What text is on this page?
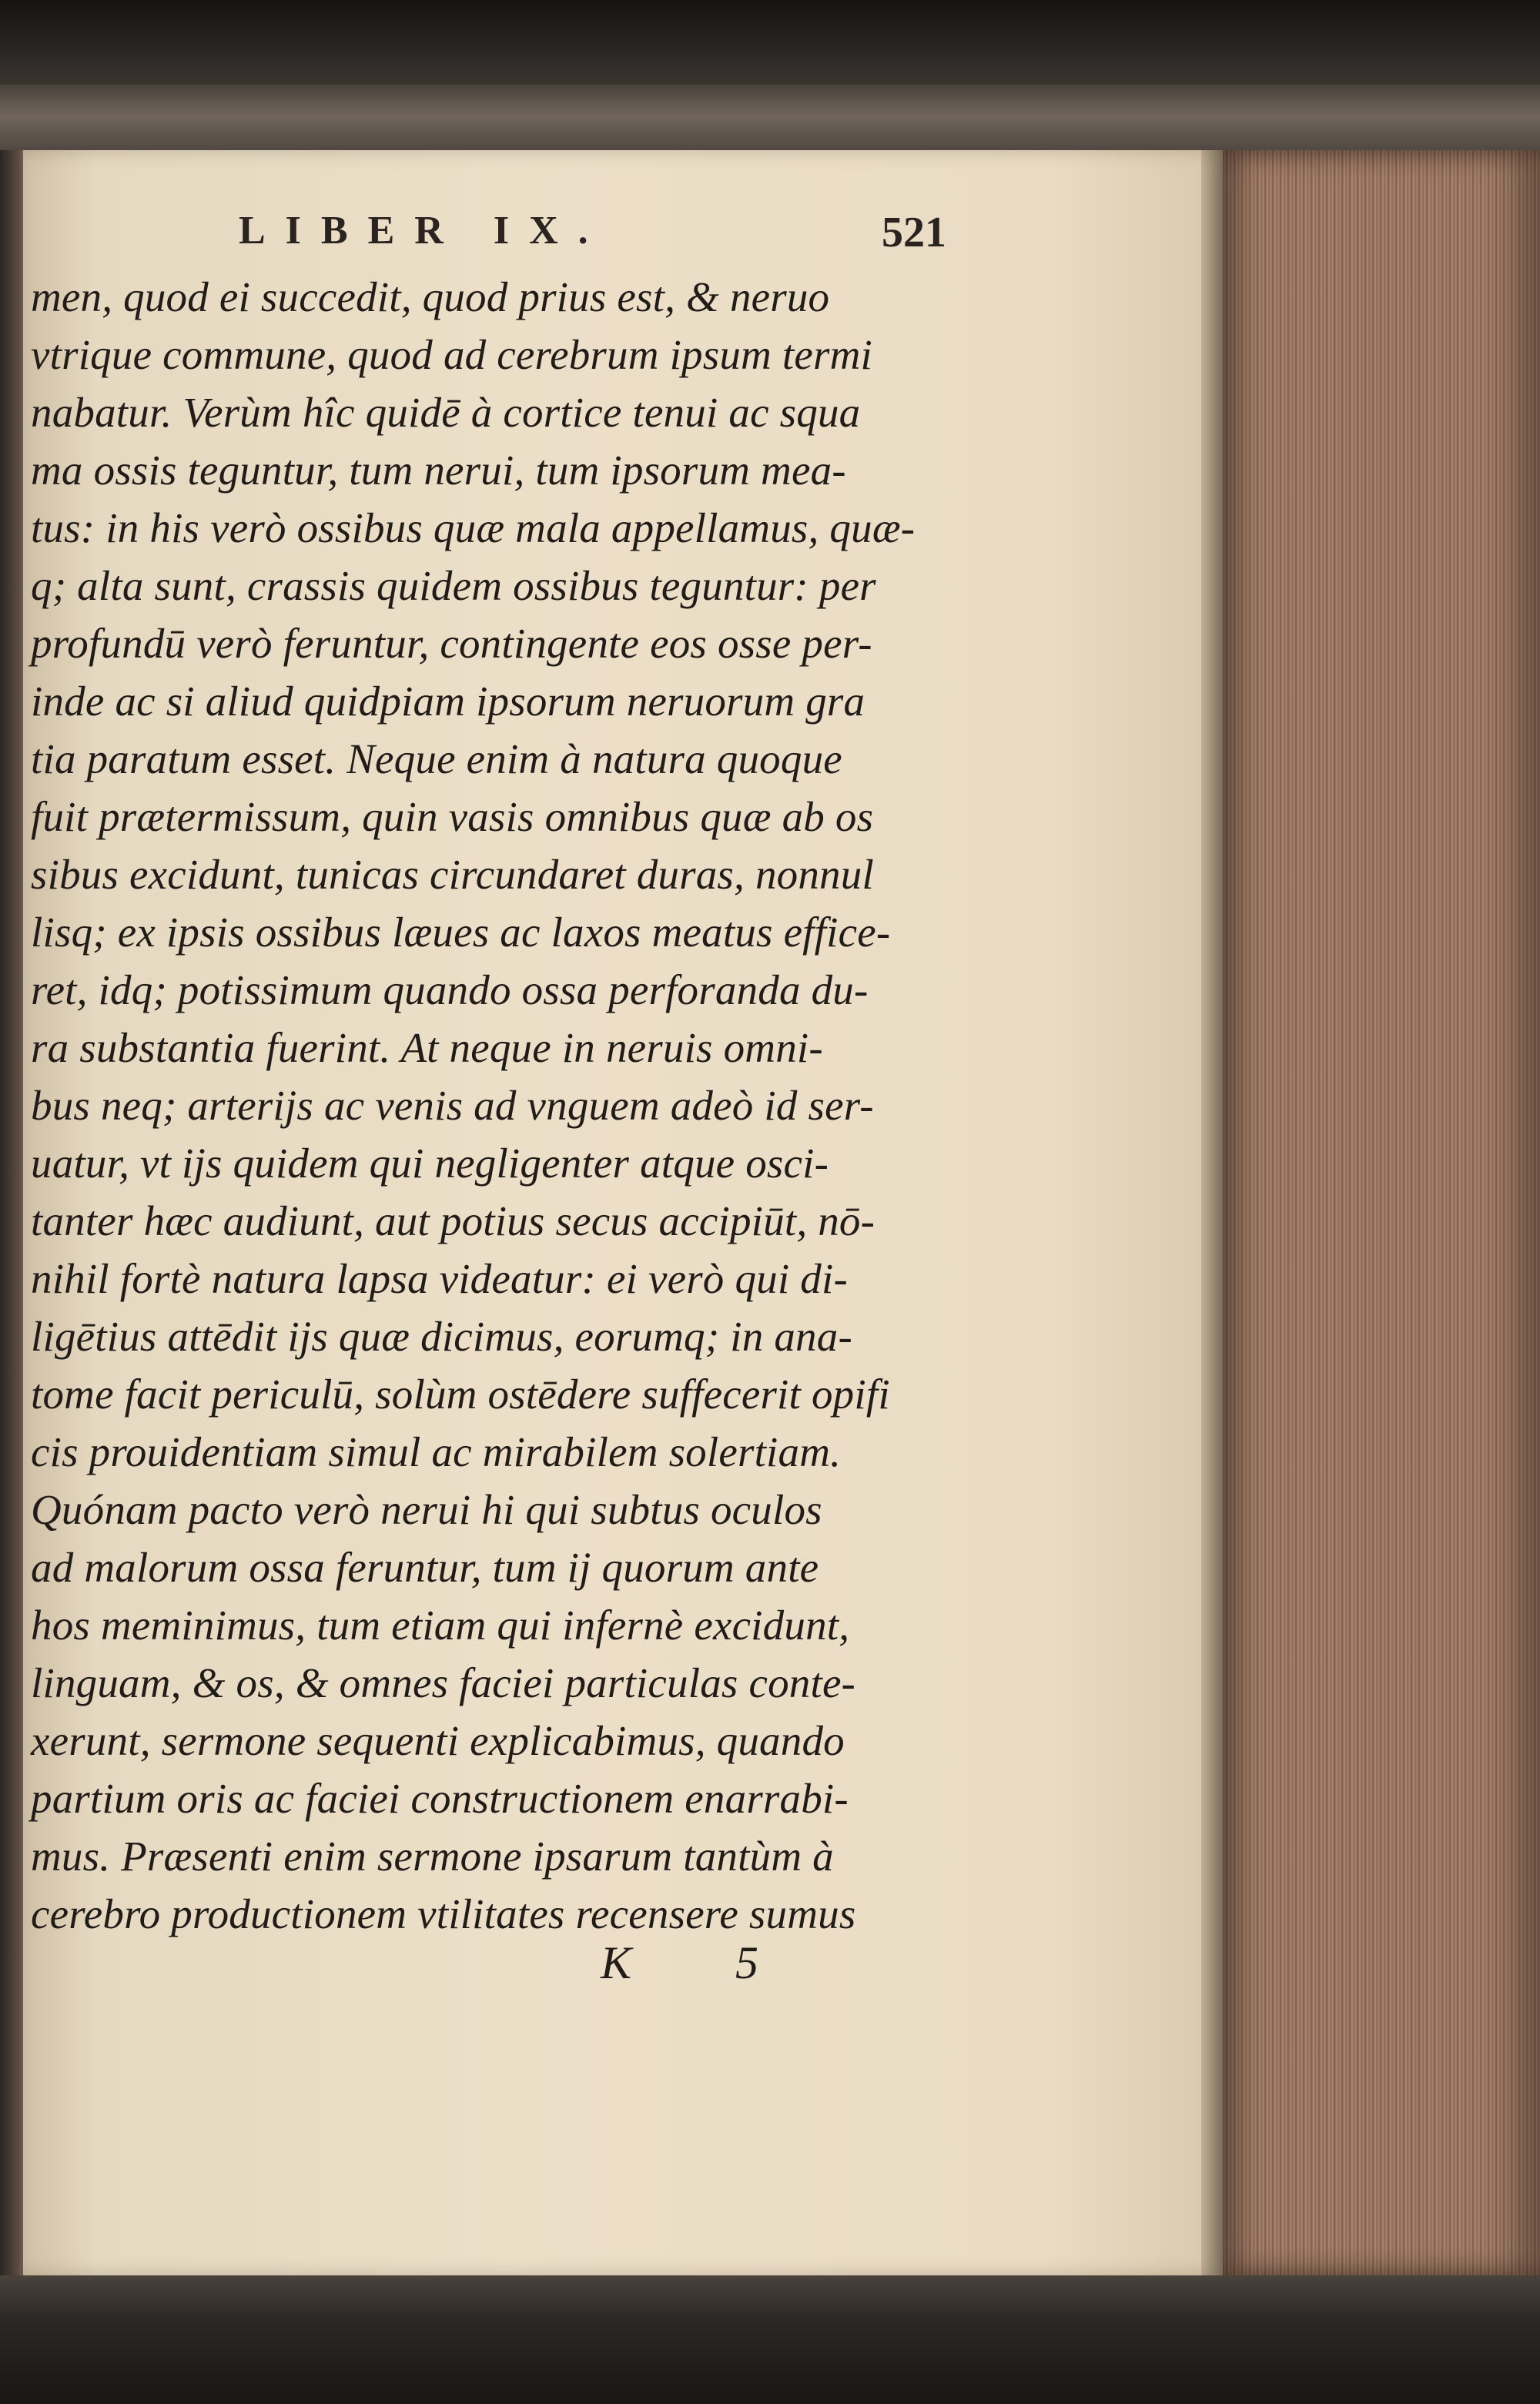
LIBER IX.	521
men, quod ei succedit, quod prius est, & neruo
vtrique commune, quod ad cerebrum ipsum termi
nabatur. Verùm hîc quidē à cortice tenui ac squa
ma ossis teguntur, tum nerui, tum ipsorum mea-
tus: in his verò ossibus quæ mala appellamus, quæ-
q; alta sunt, crassis quidem ossibus teguntur: per
profundū verò feruntur, contingente eos osse per-
inde ac si aliud quidpiam ipsorum neruorum gra
tia paratum esset. Neque enim à natura quoque
fuit prætermissum, quin vasis omnibus quæ ab os
sibus excidunt, tunicas circundaret duras, nonnul
lisq; ex ipsis ossibus læues ac laxos meatus effice-
ret, idq; potissimum quando ossa perforanda du-
ra substantia fuerint. At neque in neruis omni-
bus neq; arterijs ac venis ad vnguem adeò id ser-
uatur, vt ijs quidem qui negligenter atque osci-
tanter hæc audiunt, aut potius secus accipiūt, nō-
nihil fortè natura lapsa videatur: ei verò qui di-
ligētius attēdit ijs quæ dicimus, eorumq; in ana-
tome facit periculū, solùm ostēdere suffecerit opifi
cis prouidentiam simul ac mirabilem solertiam.
Quónam pacto verò nerui hi qui subtus oculos
ad malorum ossa feruntur, tum ij quorum ante
hos meminimus, tum etiam qui infernè excidunt,
linguam, & os, & omnes faciei particulas conte-
xerunt, sermone sequenti explicabimus, quando
partium oris ac faciei constructionem enarrabi-
mus. Præsenti enim sermone ipsarum tantùm à
cerebro productionem vtilitates recensere sumus
K 5
